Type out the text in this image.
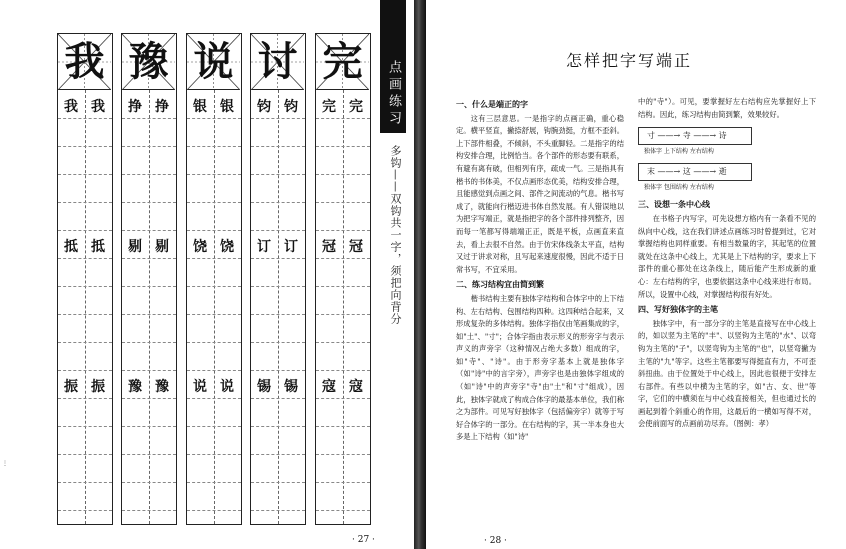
我
我 我
抵 抵
振 振
豫
挣 挣
剔 剔
豫 豫
说
银 银
饶 饶
说 说
讨
钧 钧
订 订
锡 锡
完
完 完
冠 冠
寇 寇
点画练习
多钩——双钩共一字，须把向背分
· 27 ·
⋮
怎样把字写端正
一、什么是端正的字

这有三层意思。一是指字的点画正确，重心稳定。横平竖直，撇捺舒展，钩腕劲挺，方框不歪斜。上下部件相叠，不倾斜，不头重脚轻。二是指字的结构安排合理，比例恰当。各个部件的形态要有联系，有避有离有破，但相列有序，疏成一气。三是指具有楷书的书体美，不仅点画形态优美，结构安排合理，且能感觉到点画之间、部件之间流动的气息。楷书写成了，就能向行楷迈进书体自然发展。有人错误地以为把字写端正，就是指把字的各个部件排列整齐，因而每一笔都写得端端正正，既是平板，点画直来直去，看上去很不自然。由于仿宋体线条太平直，结构又过于讲求对称，且写起来速度很慢，因此不适于日常书写，不宜采用。

二、练习结构宜由简到繁

楷书结构主要有独体字结构和合体字中的上下结构、左右结构、包围结构四种。这四种结合起来，又形成复杂的多体结构。独体字指仅由笔画集成的字，如"土"、"寸"；合体字指由表示形义的形旁字与表示声义的声旁字（这种情况占绝大多数）组成的字，如"寺"、"诗"。由于形旁字基本上就是独体字（如"诗"中的言字旁），声旁字也是由独体字组成的（如"诗"中的声旁字"寺"由"土"和"寸"组成），因此，独体字就成了构成合体字的最基本单位，我们称之为部件。可见写好独体字（包括偏旁字）就等于写好合体字的一部分。在右结构的字，其一半本身也大多是上下结构（如"诗"

中的"寺"）。可见，要掌握好左右结构应先掌握好上下结构。因此，练习结构由简到繁，效果较好。

寸 ——→ 寺 ——→ 诗
独体字 上下结构 左右结构
末 ——→ 这 ——→ 逝
独体字 包围结构 左右结构
三、设想一条中心线

在书格子内写字，可先设想方格内有一条看不见的纵向中心线，这在我们讲述点画练习时曾提到过，它对掌握结构也同样重要。有相当数量的字，其起笔的位置就处在这条中心线上，尤其是上下结构的字，要求上下部件的重心都处在这条线上，随后能产生形成新的重心：左右结构的字，也要依据这条中心线来进行布局。所以，设置中心线，对掌握结构很有好处。

四、写好独体字的主笔

独体字中，有一部分字的主笔是直接写在中心线上的，如以竖为主笔的"丰"、以竖钩为主笔的"水"、以弯钩为主笔的"子"，以竖弯钩为主笔的"也"，以竖弯撇为主笔的"九"等字。这些主笔都要写得挺直有力，不可歪斜扭曲。由于位置处于中心线上，因此也很便于安排左右部件。有些以中横为主笔的字，如"古、女、世"等字，它们的中横须在与中心线直接相关，但也通过长的画起到着个斜重心的作用，这最后的一横如写得不对，会使前面写的点画前功尽弃。（图例：孝）

· 28 ·
